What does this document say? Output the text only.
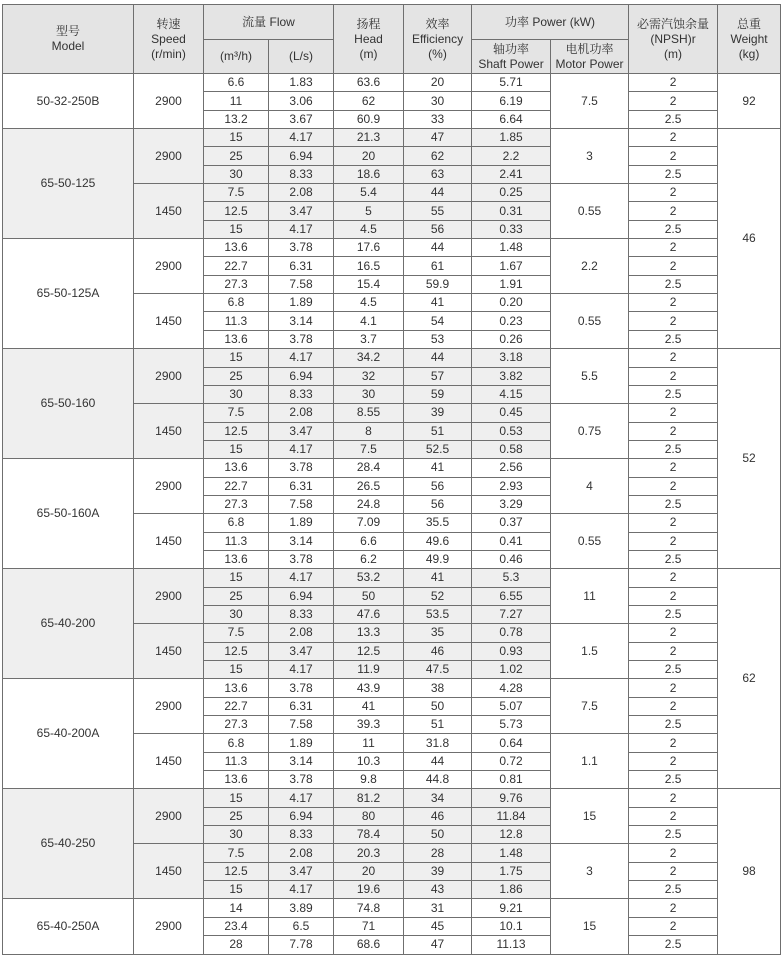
型号
Model	转速
Speed
(r/min)	流量 Flow		扬程
Head
(m)	效率
Efficiency
(%)	功率 Power (kW)		必需汽蚀余量
(NPSH)r
(m)	总重
Weight
(kg)

		(m³/h)	(L/s)			轴功率
Shaft Power	电机功率
Motor Power		

50-32-250B	2900	6.6	1.83	63.6	20	5.71	7.5	2	92
		11	3.06	62	30	6.19		2	
		13.2	3.67	60.9	33	6.64		2.5	
65-50-125	2900	15	4.17	21.3	47	1.85	3	2	46
		25	6.94	20	62	2.2		2	
		30	8.33	18.6	63	2.41		2.5	
	1450	7.5	2.08	5.4	44	0.25	0.55	2	
		12.5	3.47	5	55	0.31		2	
		15	4.17	4.5	56	0.33		2.5	
65-50-125A	2900	13.6	3.78	17.6	44	1.48	2.2	2	
		22.7	6.31	16.5	61	1.67		2	
		27.3	7.58	15.4	59.9	1.91		2.5	
	1450	6.8	1.89	4.5	41	0.20	0.55	2	
		11.3	3.14	4.1	54	0.23		2	
		13.6	3.78	3.7	53	0.26		2.5	
65-50-160	2900	15	4.17	34.2	44	3.18	5.5	2	52
		25	6.94	32	57	3.82		2	
		30	8.33	30	59	4.15		2.5	
	1450	7.5	2.08	8.55	39	0.45	0.75	2	
		12.5	3.47	8	51	0.53		2	
		15	4.17	7.5	52.5	0.58		2.5	
65-50-160A	2900	13.6	3.78	28.4	41	2.56	4	2	
		22.7	6.31	26.5	56	2.93		2	
		27.3	7.58	24.8	56	3.29		2.5	
	1450	6.8	1.89	7.09	35.5	0.37	0.55	2	
		11.3	3.14	6.6	49.6	0.41		2	
		13.6	3.78	6.2	49.9	0.46		2.5	
65-40-200	2900	15	4.17	53.2	41	5.3	11	2	62
		25	6.94	50	52	6.55		2	
		30	8.33	47.6	53.5	7.27		2.5	
	1450	7.5	2.08	13.3	35	0.78	1.5	2	
		12.5	3.47	12.5	46	0.93		2	
		15	4.17	11.9	47.5	1.02		2.5	
65-40-200A	2900	13.6	3.78	43.9	38	4.28	7.5	2	
		22.7	6.31	41	50	5.07		2	
		27.3	7.58	39.3	51	5.73		2.5	
	1450	6.8	1.89	11	31.8	0.64	1.1	2	
		11.3	3.14	10.3	44	0.72		2	
		13.6	3.78	9.8	44.8	0.81		2.5	
65-40-250	2900	15	4.17	81.2	34	9.76	15	2	98
		25	6.94	80	46	11.84		2	
		30	8.33	78.4	50	12.8		2.5	
	1450	7.5	2.08	20.3	28	1.48	3	2	
		12.5	3.47	20	39	1.75		2	
		15	4.17	19.6	43	1.86		2.5	
65-40-250A	2900	14	3.89	74.8	31	9.21	15	2	
		23.4	6.5	71	45	10.1		2	
		28	7.78	68.6	47	11.13		2.5	
